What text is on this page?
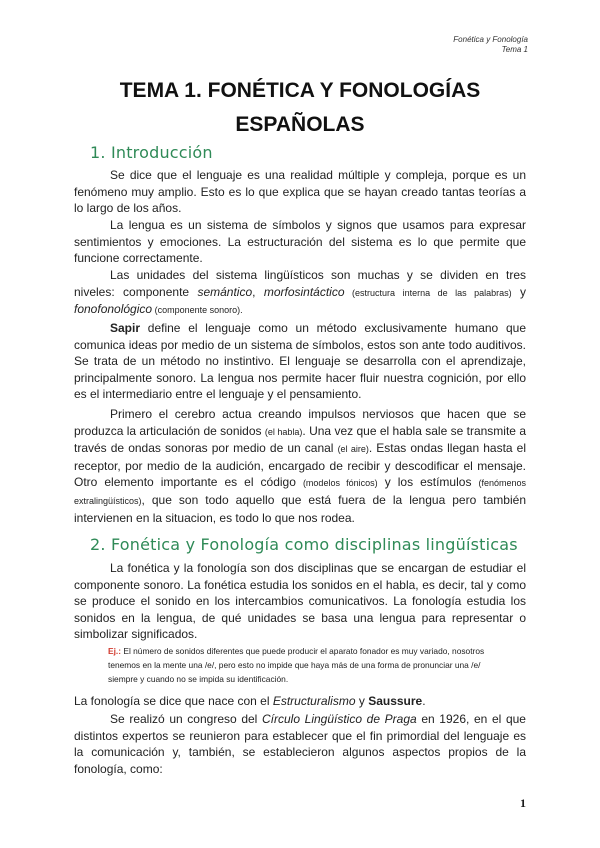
Fonética y Fonología
Tema 1
TEMA 1. FONÉTICA Y FONOLOGÍAS
ESPAÑOLAS
1. Introducción
Se dice que el lenguaje es una realidad múltiple y compleja, porque es un fenómeno muy amplio. Esto es lo que explica que se hayan creado tantas teorías a lo largo de los años.
La lengua es un sistema de símbolos y signos que usamos para expresar sentimientos y emociones. La estructuración del sistema es lo que permite que funcione correctamente.
Las unidades del sistema lingüísticos son muchas y se dividen en tres niveles: componente semántico, morfosintáctico (estructura interna de las palabras) y fonofonológico (componente sonoro).
Sapir define el lenguaje como un método exclusivamente humano que comunica ideas por medio de un sistema de símbolos, estos son ante todo auditivos. Se trata de un método no instintivo. El lenguaje se desarrolla con el aprendizaje, principalmente sonoro. La lengua nos permite hacer fluir nuestra cognición, por ello es el intermediario entre el lenguaje y el pensamiento.
Primero el cerebro actua creando impulsos nerviosos que hacen que se produzca la articulación de sonidos (el habla). Una vez que el habla sale se transmite a través de ondas sonoras por medio de un canal (el aire). Estas ondas llegan hasta el receptor, por medio de la audición, encargado de recibir y descodificar el mensaje. Otro elemento importante es el código (modelos fónicos) y los estímulos (fenómenos extralingüísticos), que son todo aquello que está fuera de la lengua pero también intervienen en la situacion, es todo lo que nos rodea.
2. Fonética y Fonología como disciplinas lingüísticas
La fonética y la fonología son dos disciplinas que se encargan de estudiar el componente sonoro. La fonética estudia los sonidos en el habla, es decir, tal y como se produce el sonido en los intercambios comunicativos. La fonología estudia los sonidos en la lengua, de qué unidades se basa una lengua para representar o simbolizar significados.
Ej.: El número de sonidos diferentes que puede producir el aparato fonador es muy variado, nosotros tenemos en la mente una /e/, pero esto no impide que haya más de una forma de pronunciar una /e/ siempre y cuando no se impida su identificación.
La fonología se dice que nace con el Estructuralismo y Saussure.
Se realizó un congreso del Círculo Lingüístico de Praga en 1926, en el que distintos expertos se reunieron para establecer que el fin primordial del lenguaje es la comunicación y, también, se establecieron algunos aspectos propios de la fonología, como:
1
